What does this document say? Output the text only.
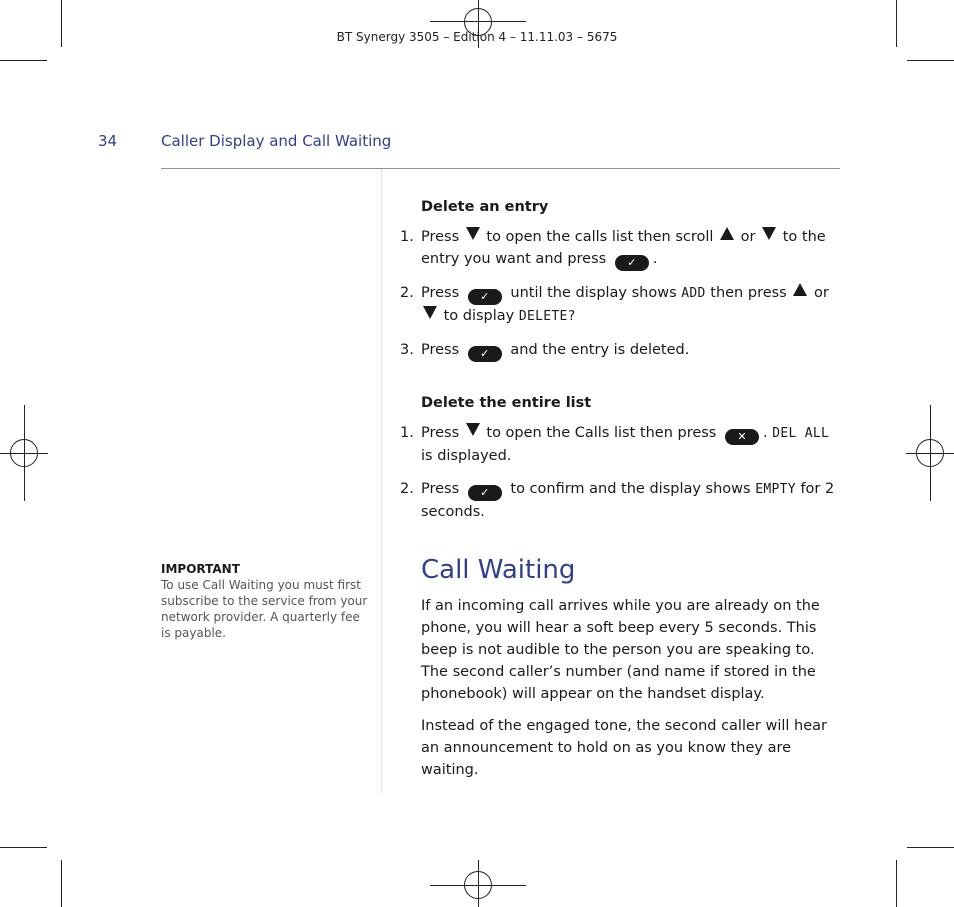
BT Synergy 3505 – Edition 4 – 11.11.03 – 5675
34	Caller Display and Call Waiting
Delete an entry
1. Press to open the calls list then scroll or to the entry you want and press ✓ .
2. Press ✓ until the display shows ADD then press or  to display DELETE?
3. Press ✓ and the entry is deleted.
Delete the entire list
1. Press to open the Calls list then press ✕ . DEL ALL is displayed.
2. Press ✓ to confirm and the display shows EMPTY for 2 seconds.
Call Waiting

If an incoming call arrives while you are already on the phone, you will hear a soft beep every 5 seconds. This beep is not audible to the person you are speaking to. The second caller’s number (and name if stored in the phonebook) will appear on the handset display.

Instead of the engaged tone, the second caller will hear an announcement to hold on as you know they are waiting.

IMPORTANT
To use Call Waiting you must first subscribe to the service from your network provider. A quarterly fee is payable.
